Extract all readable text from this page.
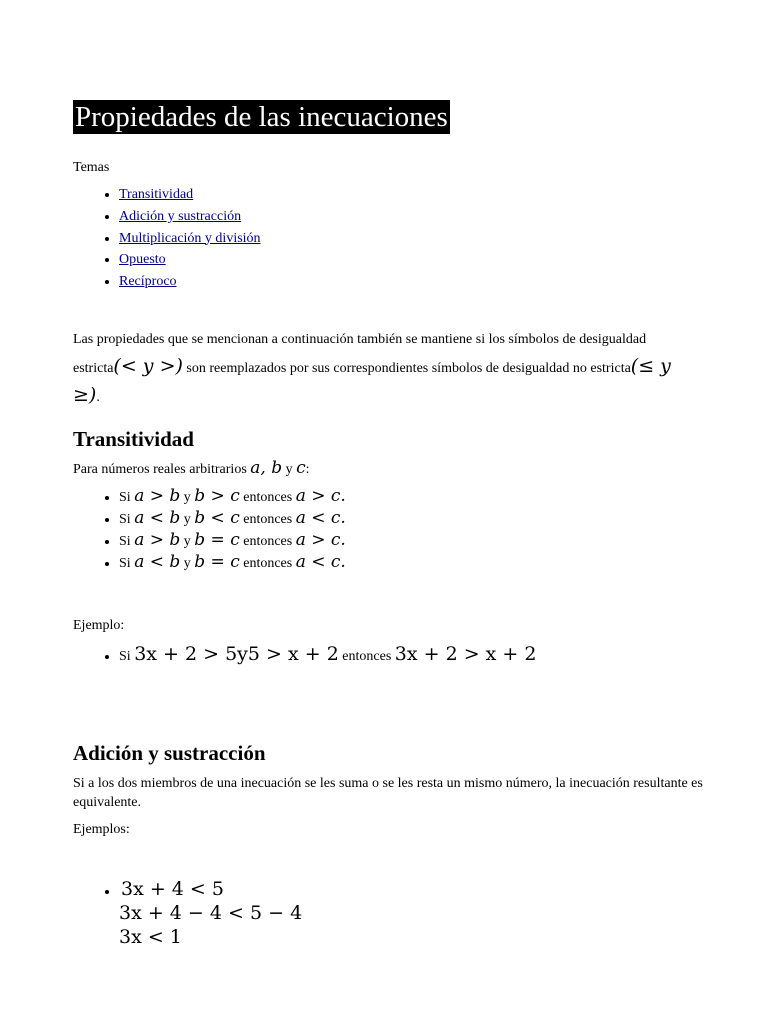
Propiedades de las inecuaciones
Temas
• Transitividad
• Adición y sustracción
• Multiplicación y división
• Opuesto
• Recíproco

Las propiedades que se mencionan a continuación también se mantiene si los símbolos de desigualdad estricta(< y >) son reemplazados por sus correspondientes símbolos de desigualdad no estricta(≤ y ≥).

Transitividad
Para números reales arbitrarios a, b y c:
• Si a > b y b > c entonces a > c.
• Si a < b y b < c entonces a < c.
• Si a > b y b = c entonces a > c.
• Si a < b y b = c entonces a < c.
Ejemplo:
• Si 3x + 2 > 5y5 > x + 2 entonces 3x + 2 > x + 2
Adición y sustracción
Si a los dos miembros de una inecuación se les suma o se les resta un mismo número, la inecuación resultante es equivalente.
Ejemplos:
• 3x + 4 < 5
3x + 4 − 4 < 5 − 4
3x < 1
